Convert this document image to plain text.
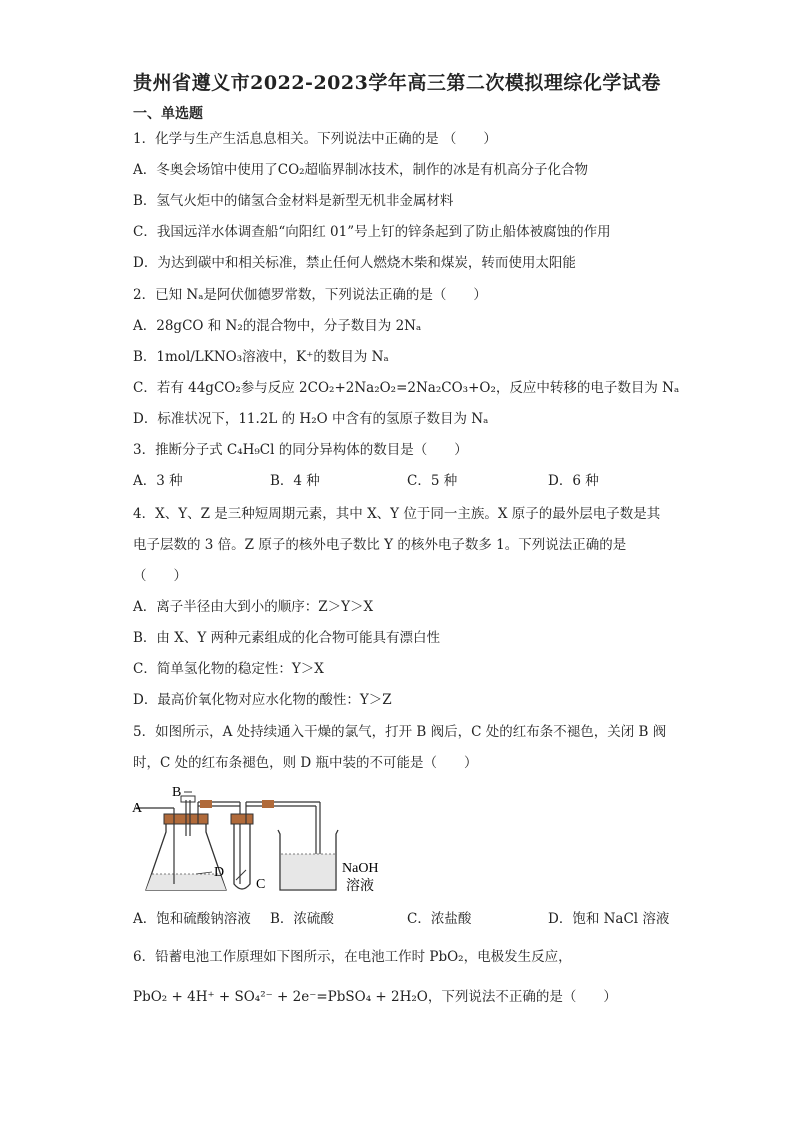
贵州省遵义市2022-2023学年高三第二次模拟理综化学试卷
一、单选题
1．化学与生产生活息息相关。下列说法中正确的是 （　　）
A．冬奥会场馆中使用了CO₂超临界制冰技术，制作的冰是有机高分子化合物
B．氢气火炬中的储氢合金材料是新型无机非金属材料
C．我国远洋水体调查船“向阳红 01”号上钉的锌条起到了防止船体被腐蚀的作用
D．为达到碳中和相关标准，禁止任何人燃烧木柴和煤炭，转而使用太阳能
2．已知 Nₐ是阿伏伽德罗常数，下列说法正确的是（　　）
A．28gCO 和 N₂的混合物中，分子数目为 2Nₐ
B．1mol/LKNO₃溶液中，K⁺的数目为 Nₐ
C．若有 44gCO₂参与反应 2CO₂+2Na₂O₂=2Na₂CO₃+O₂，反应中转移的电子数目为 Nₐ
D．标准状况下，11.2L 的 H₂O 中含有的氢原子数目为 Nₐ
3．推断分子式 C₄H₉Cl 的同分异构体的数目是（　　）
A．3 种	B．4 种	C．5 种	D．6 种
4．X、Y、Z 是三种短周期元素，其中 X、Y 位于同一主族。X 原子的最外层电子数是其
电子层数的 3 倍。Z 原子的核外电子数比 Y 的核外电子数多 1。下列说法正确的是
（　　）
A．离子半径由大到小的顺序：Z＞Y＞X
B．由 X、Y 两种元素组成的化合物可能具有漂白性
C．简单氢化物的稳定性：Y＞X
D．最高价氧化物对应水化物的酸性：Y＞Z
5．如图所示，A 处持续通入干燥的氯气，打开 B 阀后，C 处的红布条不褪色，关闭 B 阀
时，C 处的红布条褪色，则 D 瓶中装的不可能是（　　）
A
B
C
D	NaOH
溶液
A．饱和硫酸钠溶液 B．浓硫酸	C．浓盐酸	D．饱和 NaCl 溶液
6．铅蓄电池工作原理如下图所示，在电池工作时 PbO₂，电极发生反应，
PbO₂ + 4H⁺ + SO₄²⁻ + 2e⁻=PbSO₄ + 2H₂O，下列说法不正确的是（　　）
